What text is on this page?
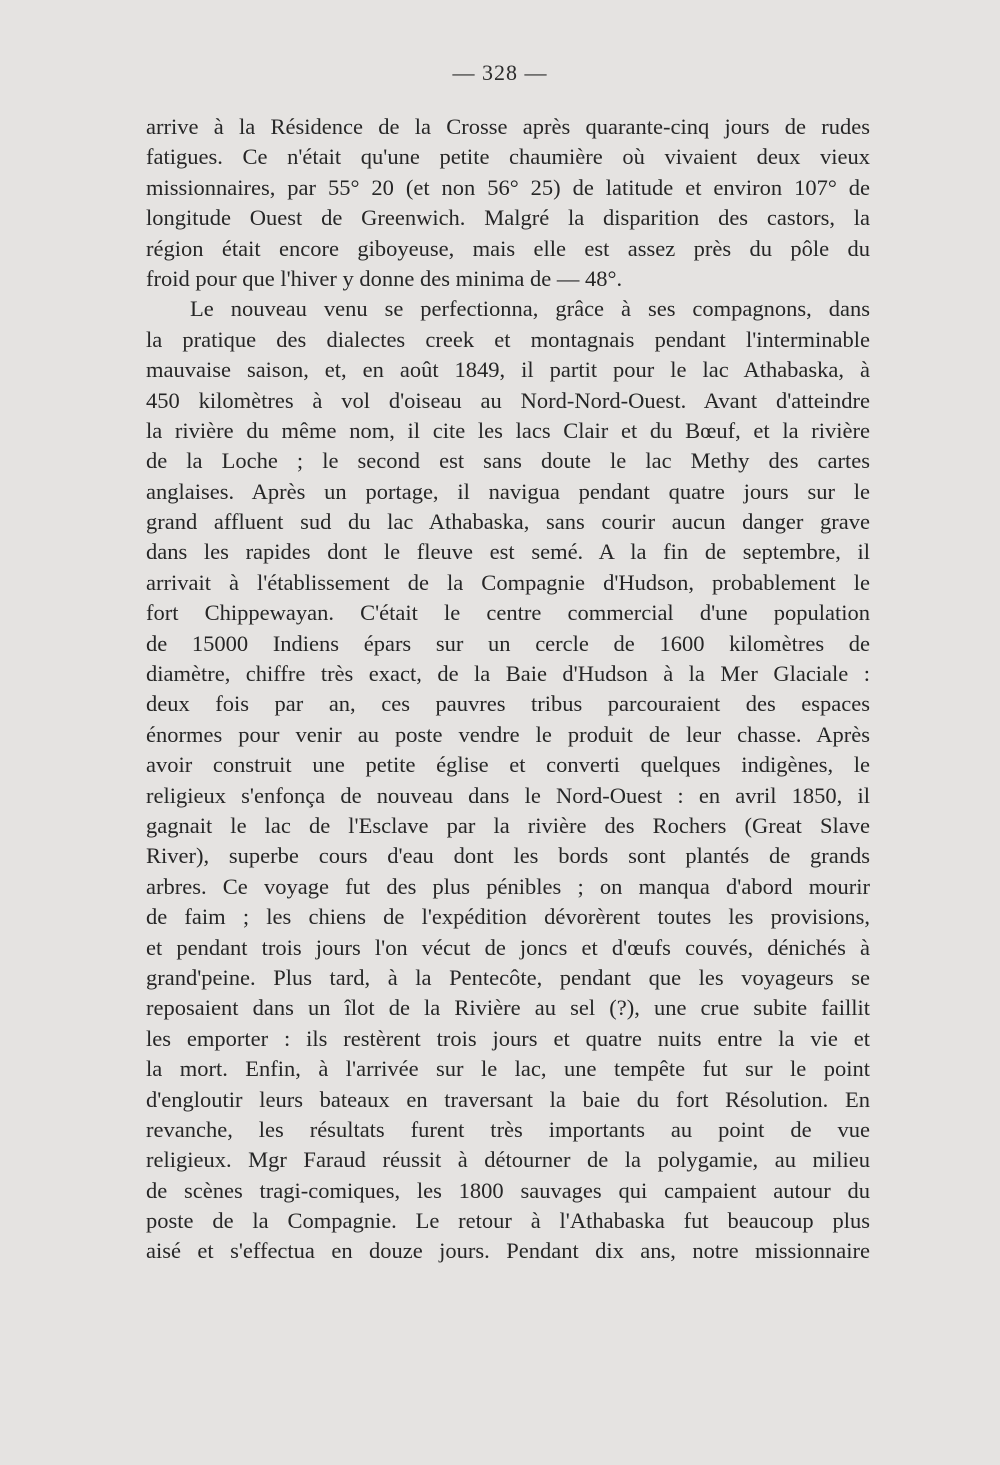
— 328 —
arrive à la Résidence de la Crosse après quarante-cinq jours de rudes
fatigues. Ce n'était qu'une petite chaumière où vivaient deux vieux
missionnaires, par 55° 20 (et non 56° 25) de latitude et environ 107° de
longitude Ouest de Greenwich. Malgré la disparition des castors, la
région était encore giboyeuse, mais elle est assez près du pôle du
froid pour que l'hiver y donne des minima de — 48°.
Le nouveau venu se perfectionna, grâce à ses compagnons, dans
la pratique des dialectes creek et montagnais pendant l'interminable
mauvaise saison, et, en août 1849, il partit pour le lac Athabaska, à
450 kilomètres à vol d'oiseau au Nord-Nord-Ouest. Avant d'atteindre
la rivière du même nom, il cite les lacs Clair et du Bœuf, et la rivière
de la Loche ; le second est sans doute le lac Methy des cartes
anglaises. Après un portage, il navigua pendant quatre jours sur le
grand affluent sud du lac Athabaska, sans courir aucun danger grave
dans les rapides dont le fleuve est semé. A la fin de septembre, il
arrivait à l'établissement de la Compagnie d'Hudson, probablement le
fort Chippewayan. C'était le centre commercial d'une population
de 15000 Indiens épars sur un cercle de 1600 kilomètres de
diamètre, chiffre très exact, de la Baie d'Hudson à la Mer Glaciale :
deux fois par an, ces pauvres tribus parcouraient des espaces
énormes pour venir au poste vendre le produit de leur chasse. Après
avoir construit une petite église et converti quelques indigènes, le
religieux s'enfonça de nouveau dans le Nord-Ouest : en avril 1850, il
gagnait le lac de l'Esclave par la rivière des Rochers (Great Slave
River), superbe cours d'eau dont les bords sont plantés de grands
arbres. Ce voyage fut des plus pénibles ; on manqua d'abord mourir
de faim ; les chiens de l'expédition dévorèrent toutes les provisions,
et pendant trois jours l'on vécut de joncs et d'œufs couvés, dénichés à
grand'peine. Plus tard, à la Pentecôte, pendant que les voyageurs se
reposaient dans un îlot de la Rivière au sel (?), une crue subite faillit
les emporter : ils restèrent trois jours et quatre nuits entre la vie et
la mort. Enfin, à l'arrivée sur le lac, une tempête fut sur le point
d'engloutir leurs bateaux en traversant la baie du fort Résolution. En
revanche, les résultats furent très importants au point de vue
religieux. Mgr Faraud réussit à détourner de la polygamie, au milieu
de scènes tragi-comiques, les 1800 sauvages qui campaient autour du
poste de la Compagnie. Le retour à l'Athabaska fut beaucoup plus
aisé et s'effectua en douze jours. Pendant dix ans, notre missionnaire
